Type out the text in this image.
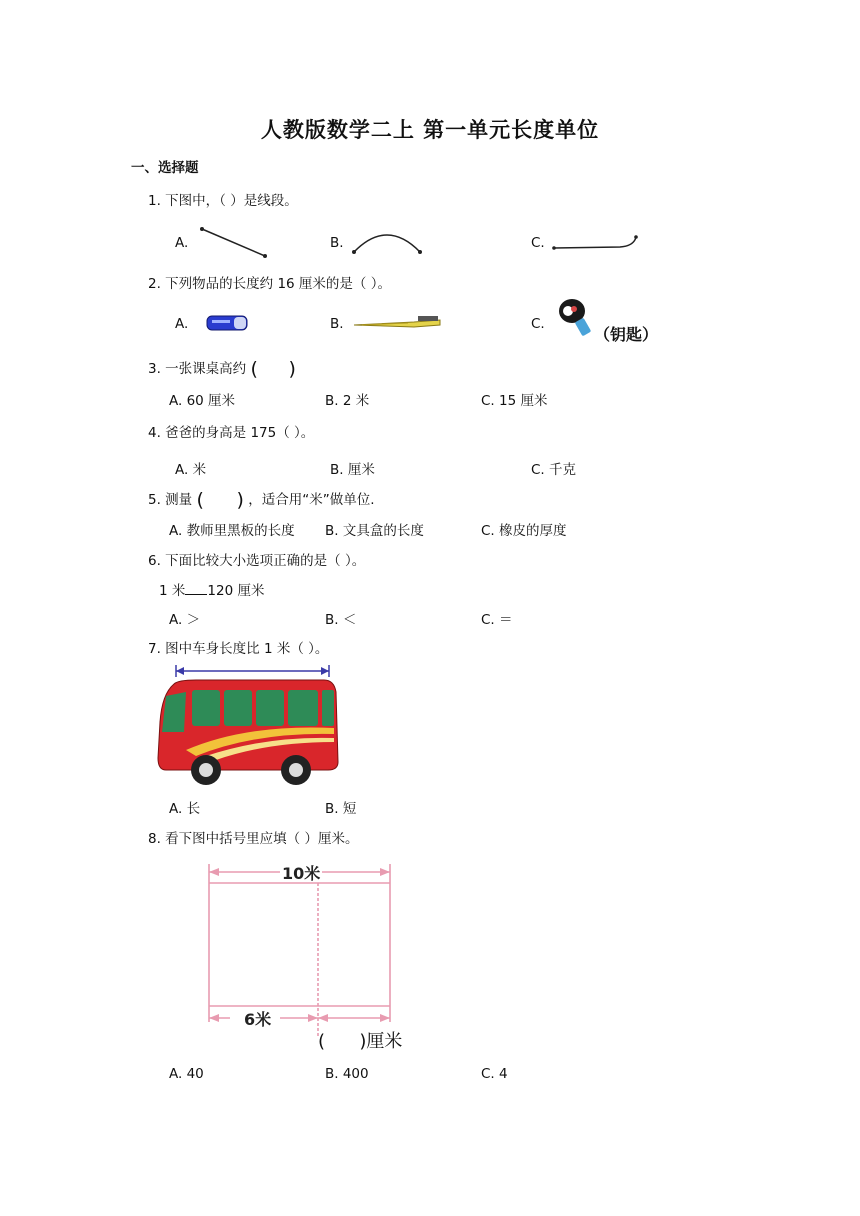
人教版数学二上 第一单元长度单位
一、选择题
1. 下图中，（ ）是线段。
A.	B.	C.
2. 下列物品的长度约 16 厘米的是（ ）。
A.	B.	C.
（钥匙）
3. 一张课桌高约 ( )
A. 60 厘米	B. 2 米	C. 15 厘米
4. 爸爸的身高是 175（ ）。
A. 米	B. 厘米	C. 千克
5. 测量 ( ) ，适合用“米”做单位.
A. 教师里黑板的长度 B. 文具盒的长度	C. 橡皮的厚度
6. 下面比较大小选项正确的是（ ）。
1 米 120 厘米
A. ＞	B. ＜	C. ＝
7. 图中车身长度比 1 米（ ）。
A. 长	B. 短
8. 看下图中括号里应填（ ）厘米。
10米
6米
(      )厘米
A. 40	B. 400	C. 4
